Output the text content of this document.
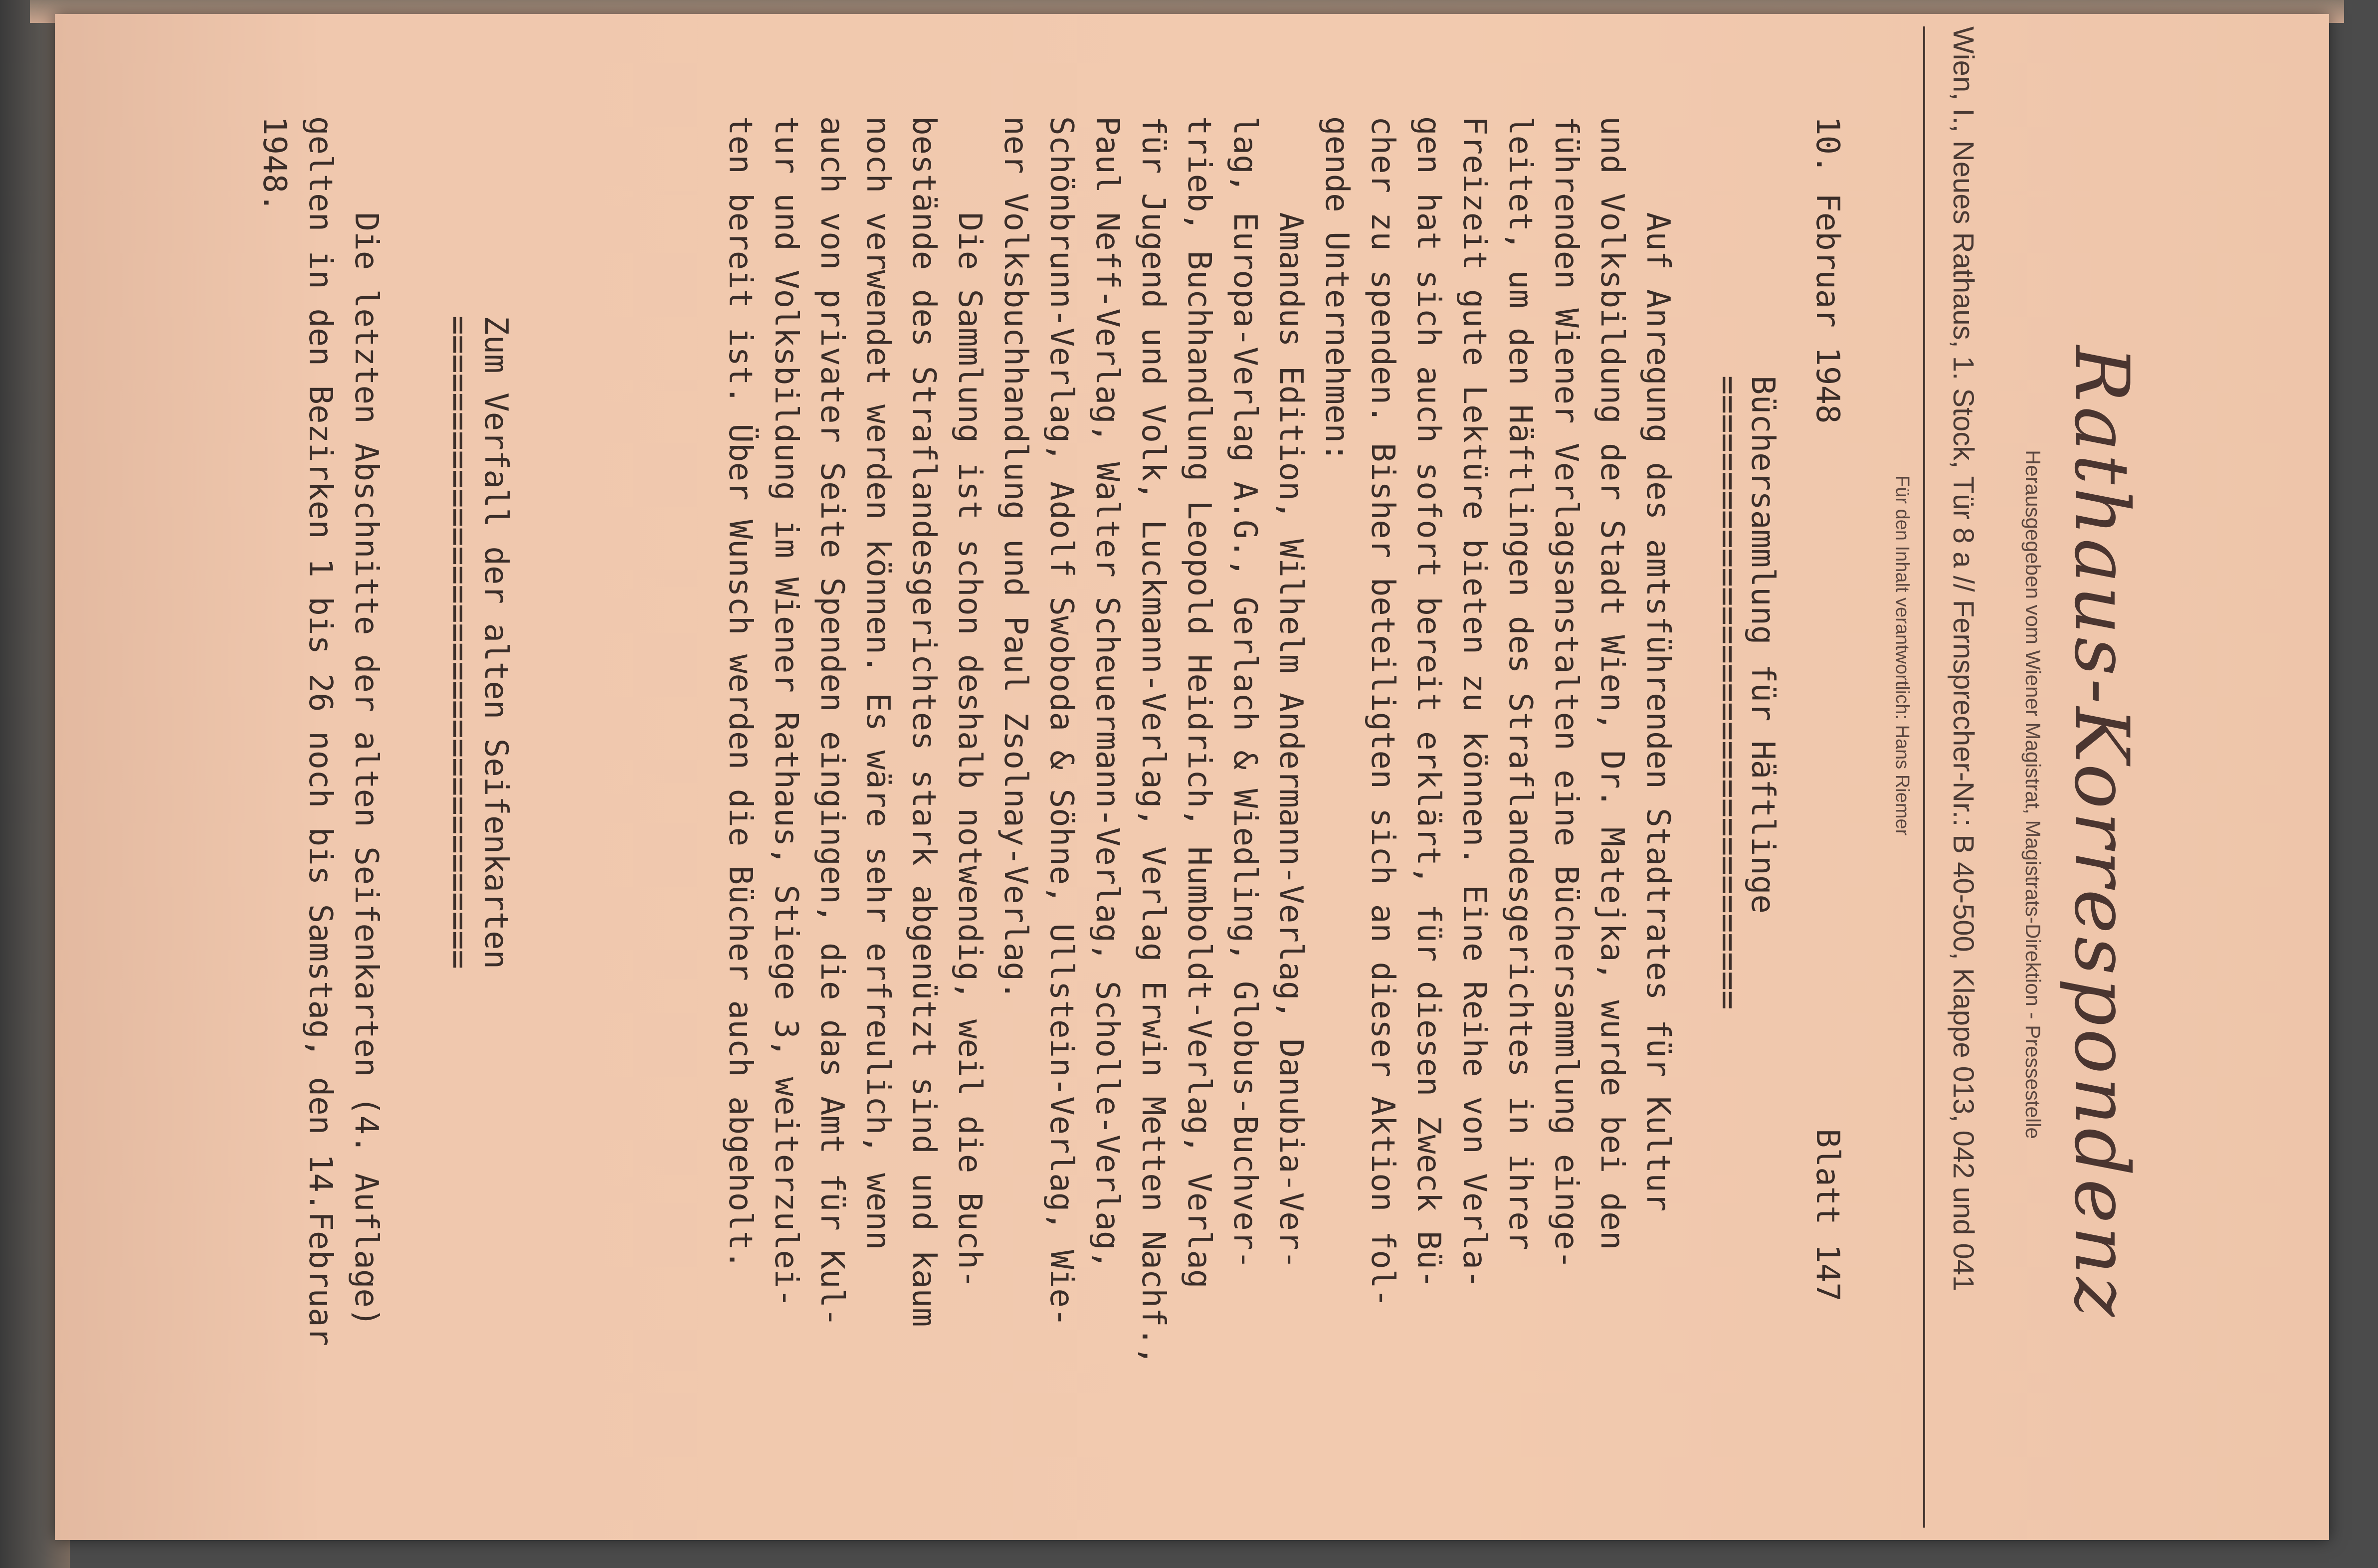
Rathaus-Korrespondenz
Herausgegeben vom Wiener Magistrat, Magistrats-Direktion - Pressestelle
Wien, I., Neues Rathaus, 1. Stock, Tür 8 a // Fernsprecher-Nr.: B 40-500, Klappe 013, 042 und 041
Für den Inhalt verantwortlich: Hans Riemer
10. Februar 1948
Blatt 147
Büchersammlung für Häftlinge
=================================
Auf Anregung des amtsführenden Stadtrates für Kultur
und Volksbildung der Stadt Wien, Dr. Matejka, wurde bei den
führenden Wiener Verlagsanstalten eine Büchersammlung einge-
leitet, um den Häftlingen des Straflandesgerichtes in ihrer
Freizeit gute Lektüre bieten zu können. Eine Reihe von Verla-
gen hat sich auch sofort bereit erklärt, für diesen Zweck Bü-
cher zu spenden. Bisher beteiligten sich an dieser Aktion fol-
gende Unternehmen:
Amandus Edition, Wilhelm Andermann-Verlag, Danubia-Ver-
lag, Europa-Verlag A.G., Gerlach & Wiedling, Globus-Buchver-
trieb, Buchhandlung Leopold Heidrich, Humboldt-Verlag, Verlag
für Jugend und Volk, Luckmann-Verlag, Verlag Erwin Metten Nachf.,
Paul Neff-Verlag, Walter Scheuermann-Verlag, Scholle-Verlag,
Schönbrunn-Verlag, Adolf Swoboda & Söhne, Ullstein-Verlag, Wie-
ner Volksbuchhandlung und Paul Zsolnay-Verlag.
Die Sammlung ist schon deshalb notwendig, weil die Buch-
bestände des Straflandesgerichtes stark abgenützt sind und kaum
noch verwendet werden können. Es wäre sehr erfreulich, wenn
auch von privater Seite Spenden eingingen, die das Amt für Kul-
tur und Volksbildung im Wiener Rathaus, Stiege 3, weiterzulei-
ten bereit ist. Über Wunsch werden die Bücher auch abgeholt.
Zum Verfall der alten Seifenkarten
==================================
Die letzten Abschnitte der alten Seifenkarten (4. Auflage)
gelten in den Bezirken 1 bis 26 noch bis Samstag, den 14.Februar
1948.
